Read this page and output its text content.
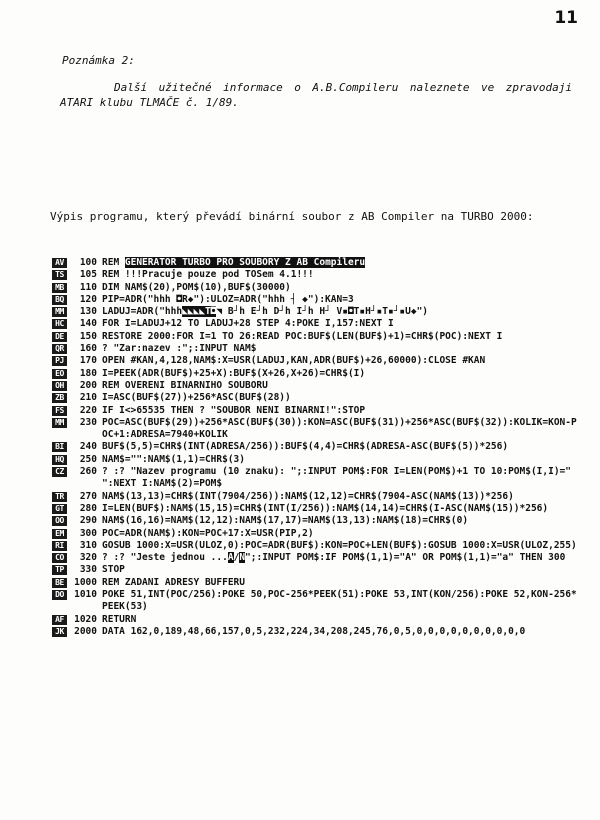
11
Poznámka 2:
Další užitečné informace o A.B.Compileru naleznete ve zpravodaji ATARI klubu TLMAČE č. 1/89.
Výpis programu, který převádí binární soubor z AB Compiler na TURBO 2000:
AV	100 REM GENERATOR TURBO PRO SOUBORY Z AB Compileru
TS	105 REM !!!Pracuje pouze pod TOSem 4.1!!!
MB	110 DIM NAM$(20),POM$(10),BUF$(30000)
BQ	120 PIP=ADR("hhh ◘R◆"):ULOZ=ADR("hhh ┤ ◆"):KAN=3
MM	130 LADUJ=ADR("hhh◣◣◣◣T◘◥ B┘h E┘h D┘h I┘h H┘ V▪◘T▪H┘▪T▪┘▪U◆")
HC	140 FOR I=LADUJ+12 TO LADUJ+28 STEP 4:POKE I,157:NEXT I
DE	150 RESTORE 2000:FOR I=1 TO 26:READ POC:BUF$(LEN(BUF$)+1)=CHR$(POC):NEXT I
QR	160 ? "Zar:nazev :";:INPUT NAM$
PJ	170 OPEN #KAN,4,128,NAM$:X=USR(LADUJ,KAN,ADR(BUF$)+26,60000):CLOSE #KAN
EO	180 I=PEEK(ADR(BUF$)+25+X):BUF$(X+26,X+26)=CHR$(I)
OH	200 REM OVERENI BINARNIHO SOUBORU
ZB	210 I=ASC(BUF$(27))+256*ASC(BUF$(28))
FS	220 IF I<>65535 THEN ? "SOUBOR NENI BINARNI!":STOP
MM	230 POC=ASC(BUF$(29))+256*ASC(BUF$(30)):KON=ASC(BUF$(31))+256*ASC(BUF$(32)):KOLIK=KON-POC+1:ADRESA=7940+KOLIK
BI	240 BUF$(5,5)=CHR$(INT(ADRESA/256)):BUF$(4,4)=CHR$(ADRESA-ASC(BUF$(5))*256)
HQ	250 NAM$="":NAM$(1,1)=CHR$(3)
CZ	260 ? :? "Nazev programu (10 znaku): ";:INPUT POM$:FOR I=LEN(POM$)+1 TO 10:POM$(I,I)=" ":NEXT I:NAM$(2)=POM$
TR	270 NAM$(13,13)=CHR$(INT(7904/256)):NAM$(12,12)=CHR$(7904-ASC(NAM$(13))*256)
GT	280 I=LEN(BUF$):NAM$(15,15)=CHR$(INT(I/256)):NAM$(14,14)=CHR$(I-ASC(NAM$(15))*256)
OO	290 NAM$(16,16)=NAM$(12,12):NAM$(17,17)=NAM$(13,13):NAM$(18)=CHR$(0)
EM	300 POC=ADR(NAM$):KON=POC+17:X=USR(PIP,2)
RI	310 GOSUB 1000:X=USR(ULOZ,0):POC=ADR(BUF$):KON=POC+LEN(BUF$):GOSUB 1000:X=USR(ULOZ,255)
CO	320 ? :? "Jeste jednou ...A/N";:INPUT POM$:IF POM$(1,1)="A" OR POM$(1,1)="a" THEN 300
TP	330 STOP
BE	1000 REM ZADANI ADRESY BUFFERU
DO	1010 POKE 51,INT(POC/256):POKE 50,POC-256*PEEK(51):POKE 53,INT(KON/256):POKE 52,KON-256*PEEK(53)
AF	1020 RETURN
JK	2000 DATA 162,0,189,48,66,157,0,5,232,224,34,208,245,76,0,5,0,0,0,0,0,0,0,0,0,0
